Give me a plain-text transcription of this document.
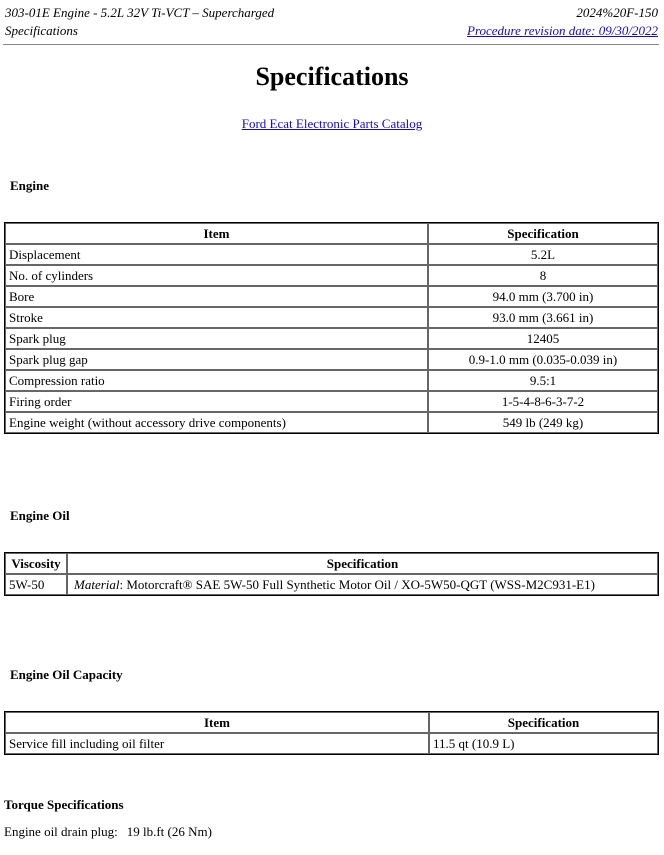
303-01E Engine - 5.2L 32V Ti-VCT – Supercharged	2024%20F-150
Specifications	Procedure revision date: 09/30/2022
Specifications
Ford Ecat Electronic Parts Catalog
Engine
Item	Specification
Displacement	5.2L
No. of cylinders	8
Bore	94.0 mm (3.700 in)
Stroke	93.0 mm (3.661 in)
Spark plug	12405
Spark plug gap	0.9-1.0 mm (0.035-0.039 in)
Compression ratio	9.5:1
Firing order	1-5-4-8-6-3-7-2
Engine weight (without accessory drive components)	549 lb (249 kg)
Engine Oil
Viscosity	Specification
5W-50	Material: Motorcraft® SAE 5W-50 Full Synthetic Motor Oil / XO-5W50-QGT (WSS-M2C931-E1)
Engine Oil Capacity
Item	Specification
Service fill including oil filter	11.5 qt (10.9 L)
Torque Specifications
Engine oil drain plug: 19 lb.ft (26 Nm)
